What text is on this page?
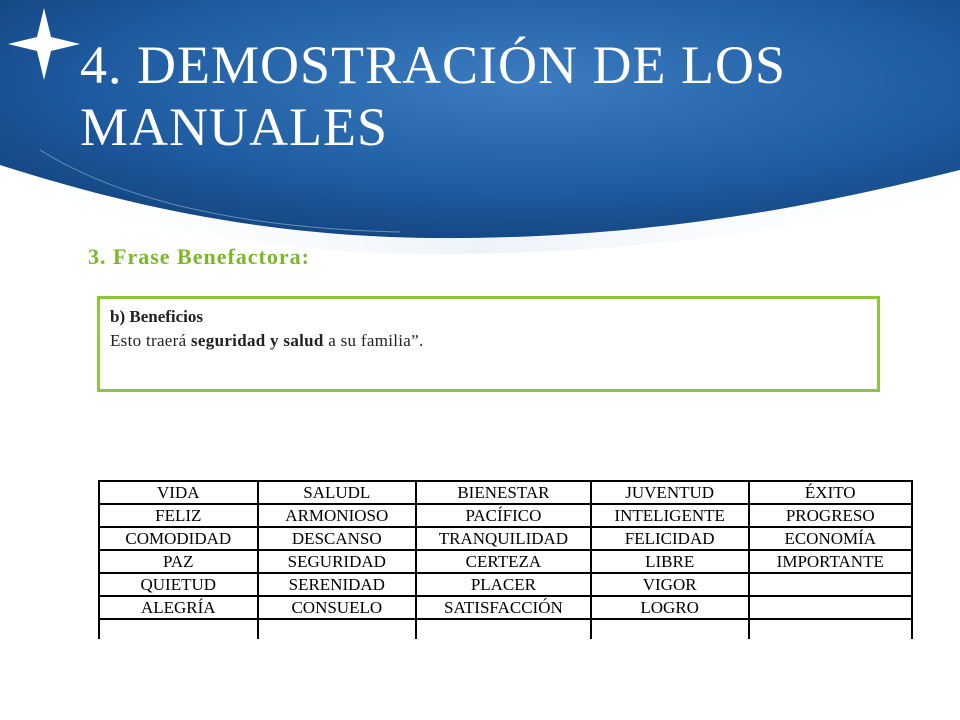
4. DEMOSTRACIÓN DE LOS MANUALES
3. Frase Benefactora:
b) Beneficios
Esto traerá seguridad y salud a su familia”.
VIDA	SALUDL	BIENESTAR	JUVENTUD	ÉXITO
FELIZ	ARMONIOSO	PACÍFICO	INTELIGENTE	PROGRESO
COMODIDAD	DESCANSO	TRANQUILIDAD	FELICIDAD	ECONOMÍA
PAZ	SEGURIDAD	CERTEZA	LIBRE	IMPORTANTE
QUIETUD	SERENIDAD	PLACER	VIGOR	
ALEGRÍA	CONSUELO	SATISFACCIÓN	LOGRO	
